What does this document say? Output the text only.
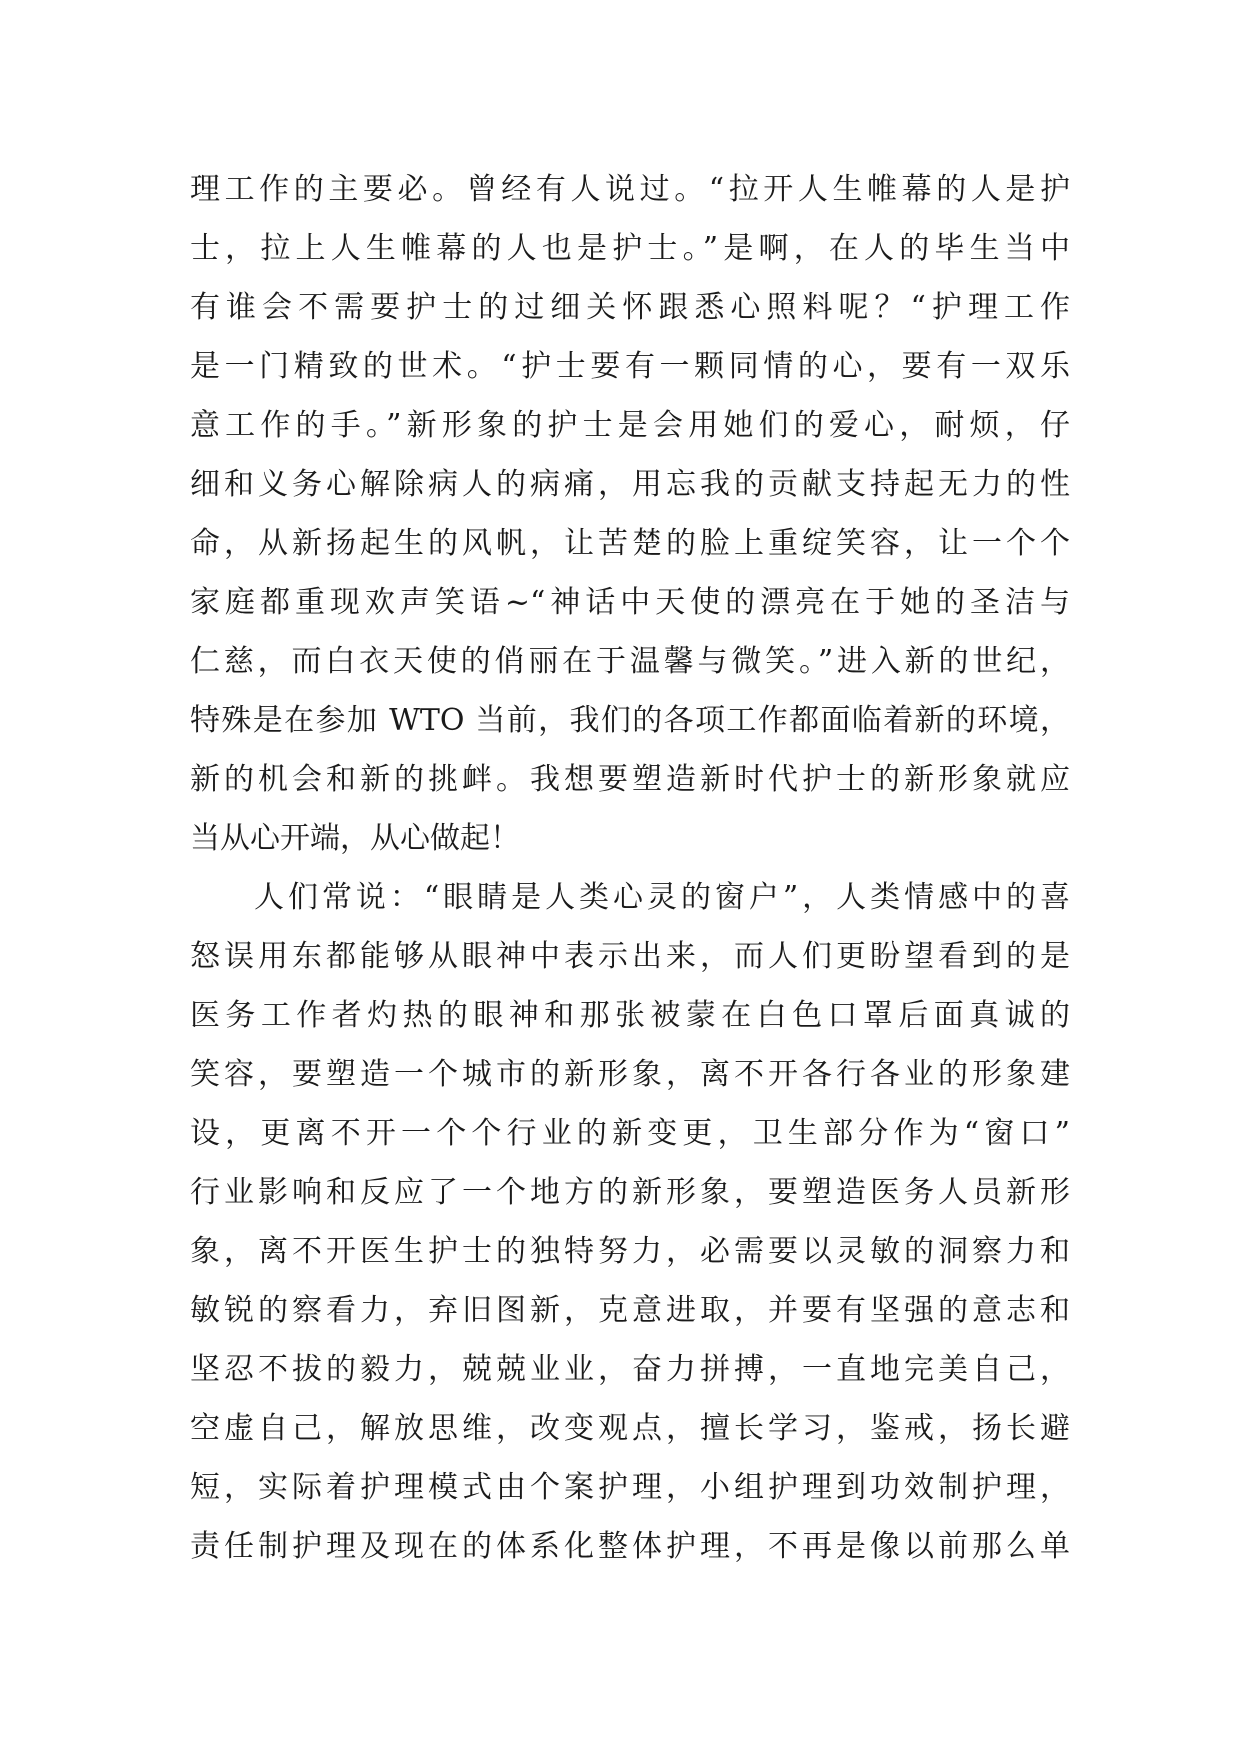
理工作的主要必。曾经有人说过。“拉开人生帷幕的人是护
士，拉上人生帷幕的人也是护士。”是啊，在人的毕生当中
有谁会不需要护士的过细关怀跟悉心照料呢？“护理工作
是一门精致的世术。“护士要有一颗同情的心，要有一双乐
意工作的手。”新形象的护士是会用她们的爱心，耐烦，仔
细和义务心解除病人的病痛，用忘我的贡献支持起无力的性
命，从新扬起生的风帆，让苦楚的脸上重绽笑容，让一个个
家庭都重现欢声笑语~“神话中天使的漂亮在于她的圣洁与
仁慈，而白衣天使的俏丽在于温馨与微笑。”进入新的世纪，
特殊是在参加 WTO 当前，我们的各项工作都面临着新的环境，
新的机会和新的挑衅。我想要塑造新时代护士的新形象就应
当从心开端，从心做起！
人们常说：“眼睛是人类心灵的窗户”，人类情感中的喜
怒误用东都能够从眼神中表示出来，而人们更盼望看到的是
医务工作者灼热的眼神和那张被蒙在白色口罩后面真诚的
笑容，要塑造一个城市的新形象，离不开各行各业的形象建
设，更离不开一个个行业的新变更，卫生部分作为“窗口”
行业影响和反应了一个地方的新形象，要塑造医务人员新形
象，离不开医生护士的独特努力，必需要以灵敏的洞察力和
敏锐的察看力，弃旧图新，克意进取，并要有坚强的意志和
坚忍不拔的毅力，兢兢业业，奋力拼搏，一直地完美自己，
空虚自己，解放思维，改变观点，擅长学习，鉴戒，扬长避
短，实际着护理模式由个案护理，小组护理到功效制护理，
责任制护理及现在的体系化整体护理，不再是像以前那么单
